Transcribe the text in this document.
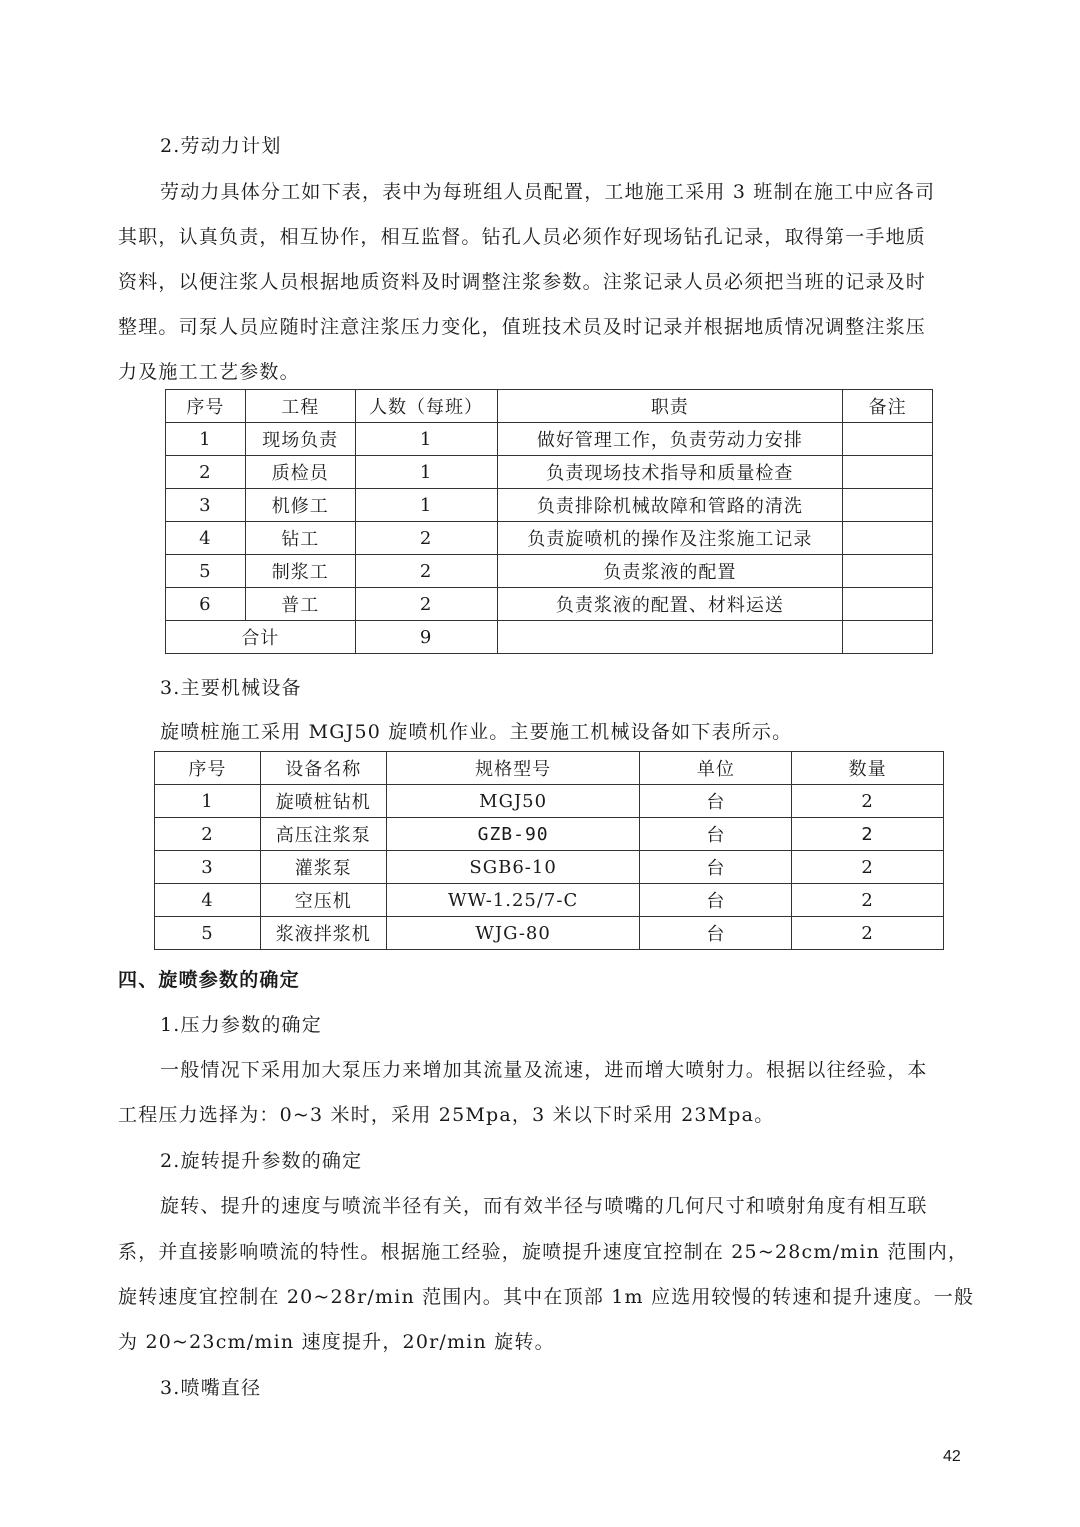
2.劳动力计划
劳动力具体分工如下表，表中为每班组人员配置，工地施工采用 3 班制在施工中应各司
其职，认真负责，相互协作，相互监督。钻孔人员必须作好现场钻孔记录，取得第一手地质
资料，以便注浆人员根据地质资料及时调整注浆参数。注浆记录人员必须把当班的记录及时
整理。司泵人员应随时注意注浆压力变化，值班技术员及时记录并根据地质情况调整注浆压
力及施工工艺参数。
序号	工程	人数（每班）	职责	备注
1	现场负责	1	做好管理工作，负责劳动力安排	
2	质检员	1	负责现场技术指导和质量检查	
3	机修工	1	负责排除机械故障和管路的清洗	
4	钻工	2	负责旋喷机的操作及注浆施工记录	
5	制浆工	2	负责浆液的配置	
6	普工	2	负责浆液的配置、材料运送	
合计		9		
3.主要机械设备
旋喷桩施工采用 MGJ50 旋喷机作业。主要施工机械设备如下表所示。
序号	设备名称	规格型号	单位	数量
1	旋喷桩钻机	MGJ50	台	2
2	高压注浆泵	GZB-90	台	2
3	灌浆泵	SGB6-10	台	2
4	空压机	WW-1.25/7-C	台	2
5	浆液拌浆机	WJG-80	台	2
四、旋喷参数的确定
1.压力参数的确定
一般情况下采用加大泵压力来增加其流量及流速，进而增大喷射力。根据以往经验，本
工程压力选择为：0~3 米时，采用 25Mpa，3 米以下时采用 23Mpa。
2.旋转提升参数的确定
旋转、提升的速度与喷流半径有关，而有效半径与喷嘴的几何尺寸和喷射角度有相互联
系，并直接影响喷流的特性。根据施工经验，旋喷提升速度宜控制在 25~28cm/min 范围内，
旋转速度宜控制在 20~28r/min 范围内。其中在顶部 1m 应选用较慢的转速和提升速度。一般
为 20~23cm/min 速度提升，20r/min 旋转。
3.喷嘴直径
42
